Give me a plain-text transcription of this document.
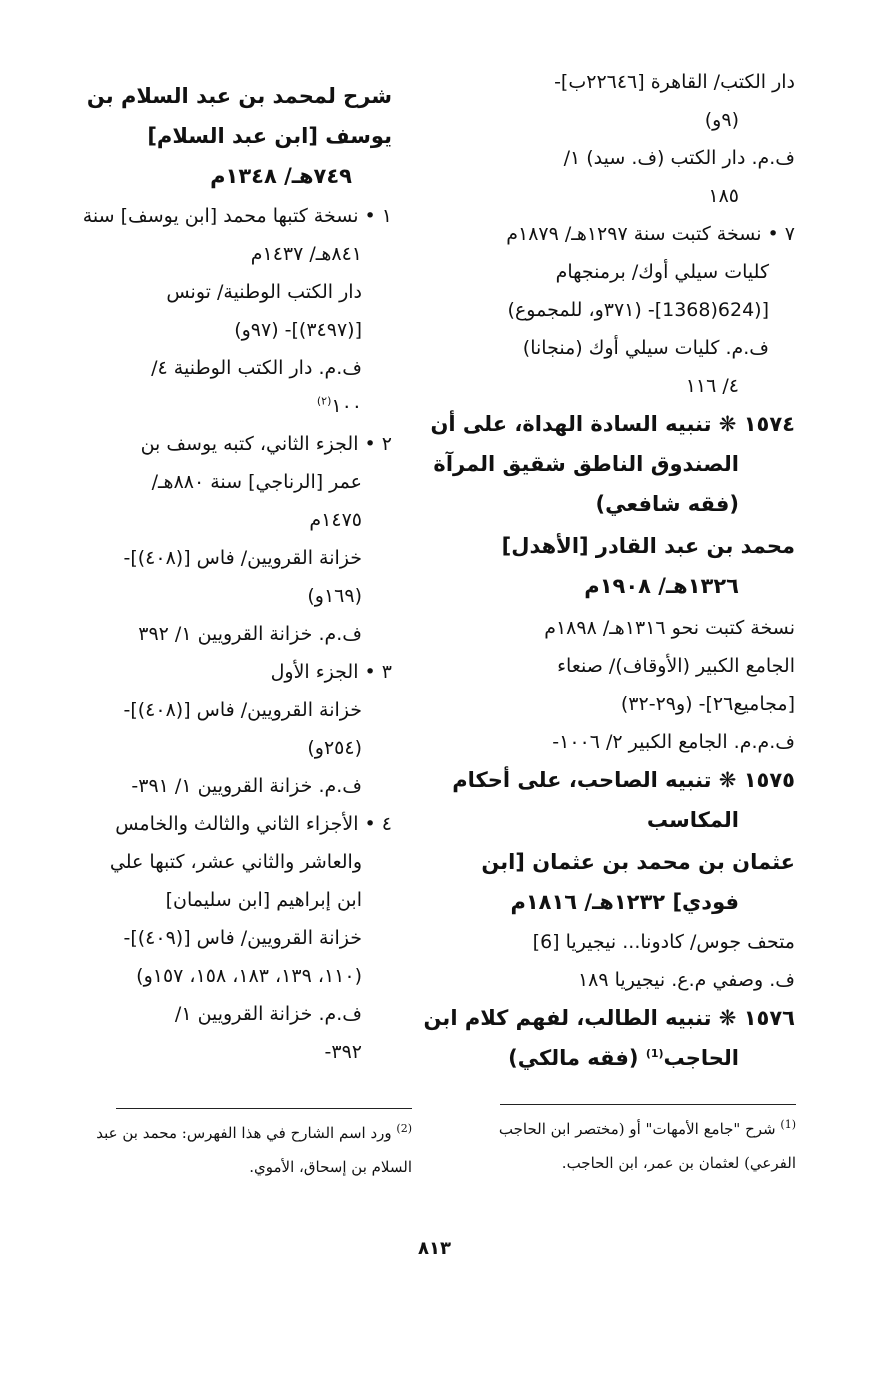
دار الكتب/ القاهرة [٢٢٦٤٦ب]-
(٩و)
ف.م. دار الكتب (ف. سيد) ١/
١٨٥
٧ • نسخة كتبت سنة ١٢٩٧هـ/ ١٨٧٩م
كليات سيلي أوك/ برمنجهام
[(624(1368]- (٣٧١و، للمجموع)
ف.م. كليات سيلي أوك (منجانا)
٤/ ١١٦
١٥٧٤ ❋ تنبيه السادة الهداة، على أن
الصندوق الناطق شقيق المرآة
(فقه شافعي)
محمد بن عبد القادر [الأهدل]
١٣٢٦هـ/ ١٩٠٨م
نسخة كتبت نحو ١٣١٦هـ/ ١٨٩٨م
الجامع الكبير (الأوقاف)/ صنعاء
[مجاميع٢٦]- (و٢٩-٣٢)
ف.م.م. الجامع الكبير ٢/ ١٠٠٦-
١٥٧٥ ❋ تنبيه الصاحب، على أحكام
المكاسب
عثمان بن محمد بن عثمان [ابن
فودي] ١٢٣٢هـ/ ١٨١٦م
متحف جوس/ كادونا... نيجيريا [6]
ف. وصفي م.ع. نيجيريا ١٨٩
١٥٧٦ ❋ تنبيه الطالب، لفهم كلام ابن
الحاجب$^{(1)}$ (فقه مالكي)
شرح لمحمد بن عبد السلام بن
يوسف [ابن عبد السلام]
٧٤٩هـ/ ١٣٤٨م
١ • نسخة كتبها محمد [ابن يوسف] سنة
٨٤١هـ/ ١٤٣٧م
دار الكتب الوطنية/ تونس
[(٣٤٩٧)]- (٩٧و)
ف.م. دار الكتب الوطنية ٤/
١٠٠$^{(٢)}$
٢ • الجزء الثاني، كتبه يوسف بن
عمر [الرناجي] سنة ٨٨٠هـ/
١٤٧٥م
خزانة القرويين/ فاس [(٤٠٨)]-
(١٦٩و)
ف.م. خزانة القرويين ١/ ٣٩٢
٣ • الجزء الأول
خزانة القرويين/ فاس [(٤٠٨)]-
(٢٥٤و)
ف.م. خزانة القرويين ١/ ٣٩١-
٤ • الأجزاء الثاني والثالث والخامس
والعاشر والثاني عشر، كتبها علي
ابن إبراهيم [ابن سليمان]
خزانة القرويين/ فاس [(٤٠٩)]-
(١١٠، ١٣٩، ١٨٣، ١٥٨، ١٥٧و)
ف.م. خزانة القرويين ١/
٣٩٢-
$^{(1)}$ شرح "جامع الأمهات" أو (مختصر ابن الحاجب
الفرعي) لعثمان بن عمر، ابن الحاجب.
$^{(2)}$ ورد اسم الشارح في هذا الفهرس: محمد بن عبد
السلام بن إسحاق، الأموي.
٨١٣
